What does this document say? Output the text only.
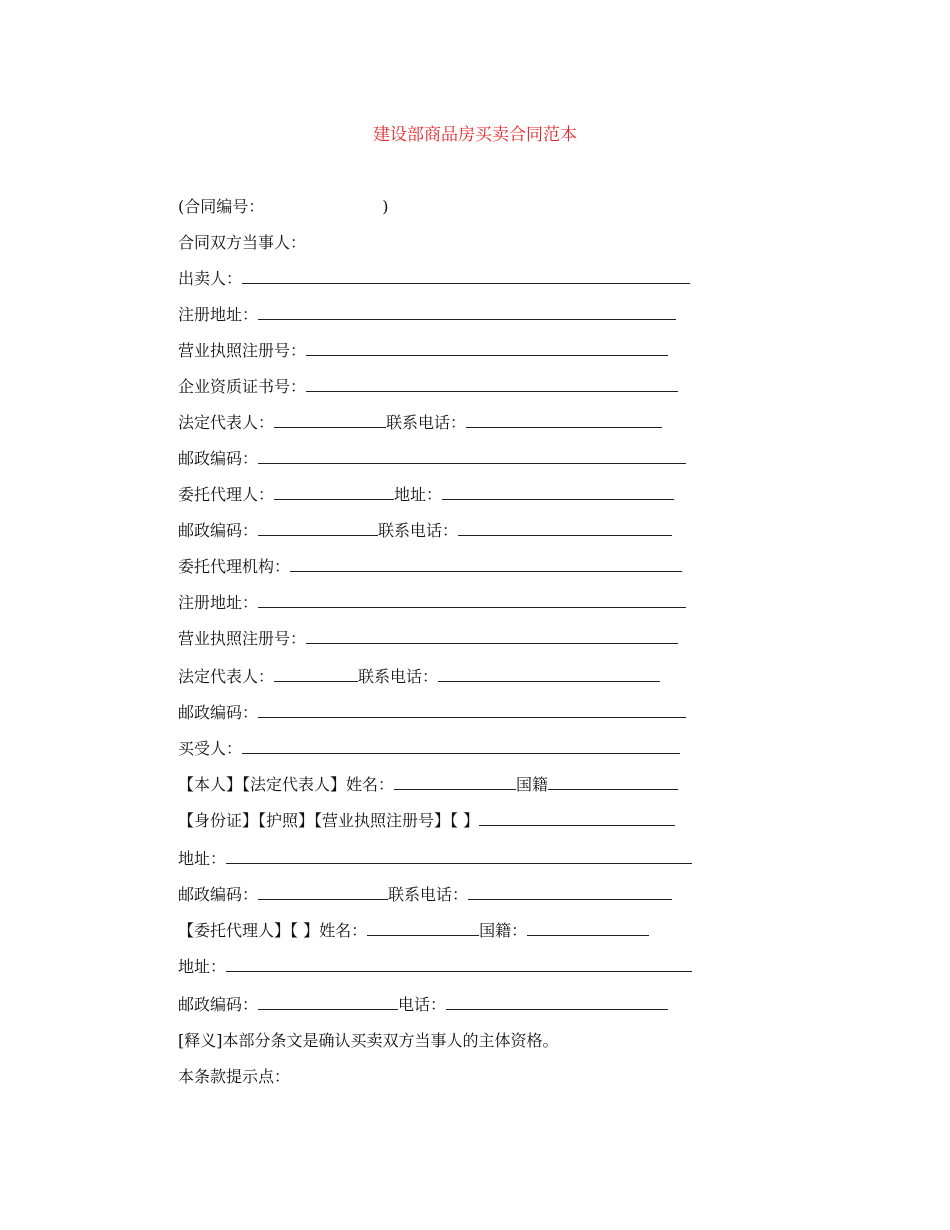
建设部商品房买卖合同范本
(合同编号：	)
合同双方当事人：
出卖人：
注册地址：
营业执照注册号：
企业资质证书号：
法定代表人：	联系电话：
邮政编码：
委托代理人：	地址：
邮政编码：	联系电话：
委托代理机构：
注册地址：
营业执照注册号：
法定代表人：	联系电话：
邮政编码：
买受人：
【本人】【法定代表人】姓名：	国籍
【身份证】【护照】【营业执照注册号】【 】
地址：
邮政编码：	联系电话：
【委托代理人】【 】姓名：	国籍：
地址：
邮政编码：	电话：
[释义]本部分条文是确认买卖双方当事人的主体资格。
本条款提示点：
